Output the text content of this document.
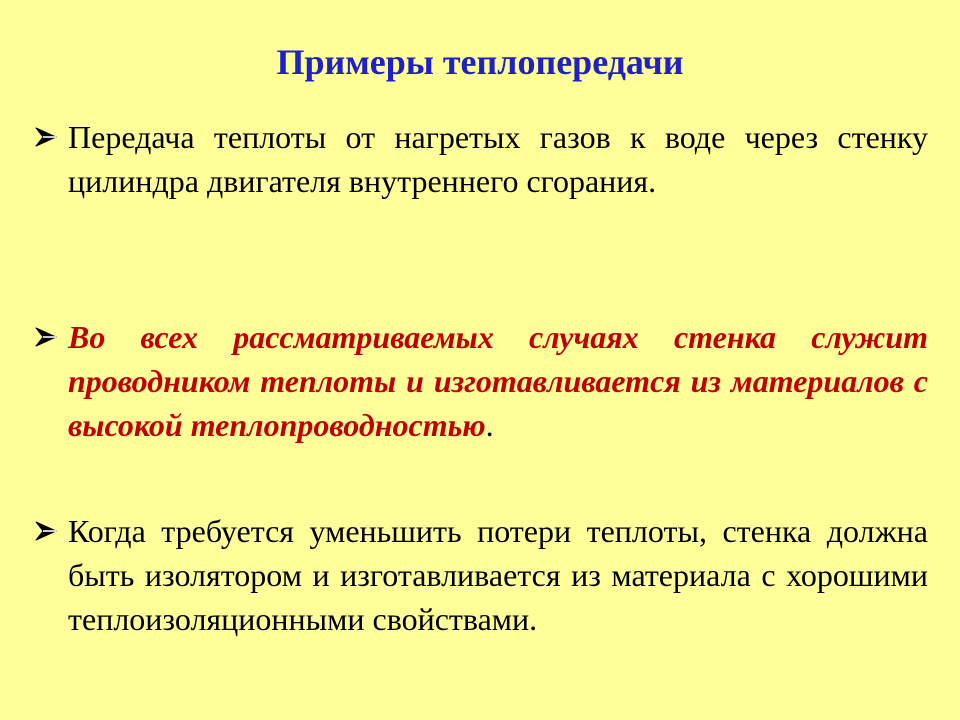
Примеры теплопередачи
Передача теплоты от нагретых газов к воде через стенку цилиндра двигателя внутреннего сгорания.
Во всех рассматриваемых случаях стенка служит проводником теплоты и изготавливается из материалов с высокой теплопроводностью.
Когда требуется уменьшить потери теплоты, стенка должна быть изолятором и изготавливается из материала с хорошими теплоизоляционными свойствами.
